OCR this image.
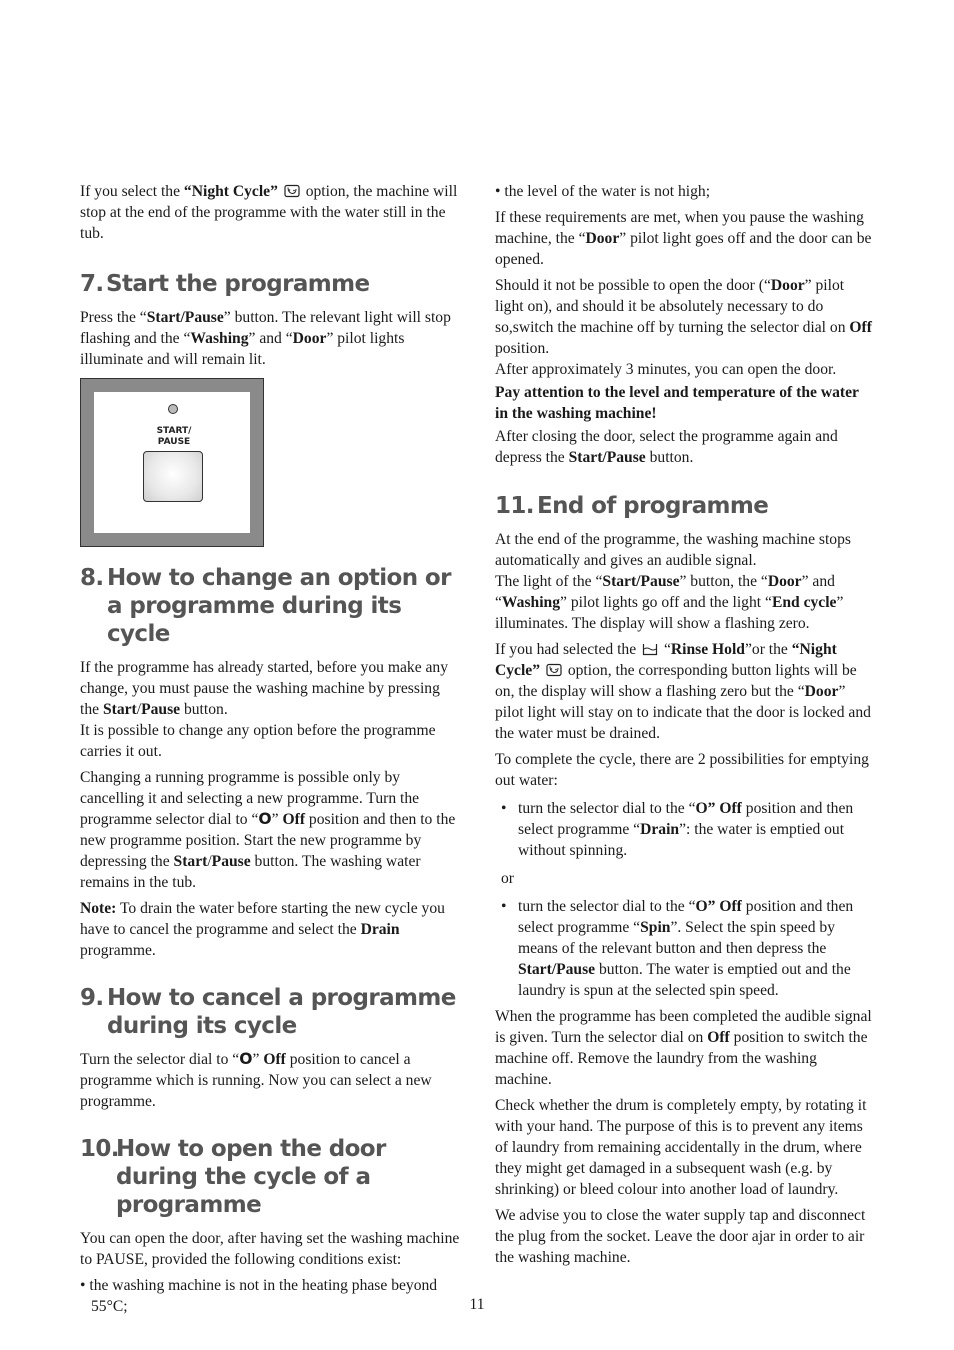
If you select the “Night Cycle”  option, the machine will stop at the end of the programme with the water still in the tub.

7. Start the programme

Press the “Start/Pause” button. The relevant light will stop flashing and the “Washing” and “Door” pilot lights illuminate and will remain lit.

START/
PAUSE
8. How to change an option or a programme during its cycle

If the programme has already started, before you make any change, you must pause the washing machine by pressing the Start/Pause button.

It is possible to change any option before the programme carries it out.

Changing a running programme is possible only by cancelling it and selecting a new programme. Turn the programme selector dial to “O” Off position and then to the new programme position. Start the new programme by depressing the Start/Pause button. The washing water remains in the tub.

Note: To drain the water before starting the new cycle you have to cancel the programme and select the Drain programme.

9. How to cancel a programme during its cycle

Turn the selector dial to “O” Off position to cancel a programme which is running. Now you can select a new programme.

10.
How to open the door during the cycle of a programme

You can open the door, after having set the washing machine to PAUSE, provided the following conditions exist:

• the washing machine is not in the heating phase beyond 55°C;

• the level of the water is not high;

If these requirements are met, when you pause the washing machine, the “Door” pilot light goes off and the door can be opened.

Should it not be possible to open the door (“Door” pilot light on), and should it be absolutely necessary to do so,switch the machine off by turning the selector dial on Off position.

After approximately 3 minutes, you can open the door.

Pay attention to the level and temperature of the water in the washing machine!

After closing the door, select the programme again and depress the Start/Pause button.

11. End of programme

At the end of the programme, the washing machine stops automatically and gives an audible signal.

The light of the “Start/Pause” button, the “Door” and “Washing” pilot lights go off and the light “End cycle” illuminates. The display will show a flashing zero.

If you had selected the  “Rinse Hold”or the “Night Cycle”  option, the corresponding button lights will be on, the display will show a flashing zero but the “Door” pilot light will stay on to indicate that the door is locked and the water must be drained.

To complete the cycle, there are 2 possibilities for emptying out water:

• turn the selector dial to the “O” Off position and then select programme “Drain”: the water is emptied out without spinning.

or

• turn the selector dial to the “O” Off position and then select programme “Spin”. Select the spin speed by means of the relevant button and then depress the Start/Pause button. The water is emptied out and the laundry is spun at the selected spin speed.

When the programme has been completed the audible signal is given. Turn the selector dial on Off position to switch the machine off. Remove the laundry from the washing machine.

Check whether the drum is completely empty, by rotating it with your hand. The purpose of this is to prevent any items of laundry from remaining accidentally in the drum, where they might get damaged in a subsequent wash (e.g. by shrinking) or bleed colour into another load of laundry.

We advise you to close the water supply tap and disconnect the plug from the socket. Leave the door ajar in order to air the washing machine.

11
